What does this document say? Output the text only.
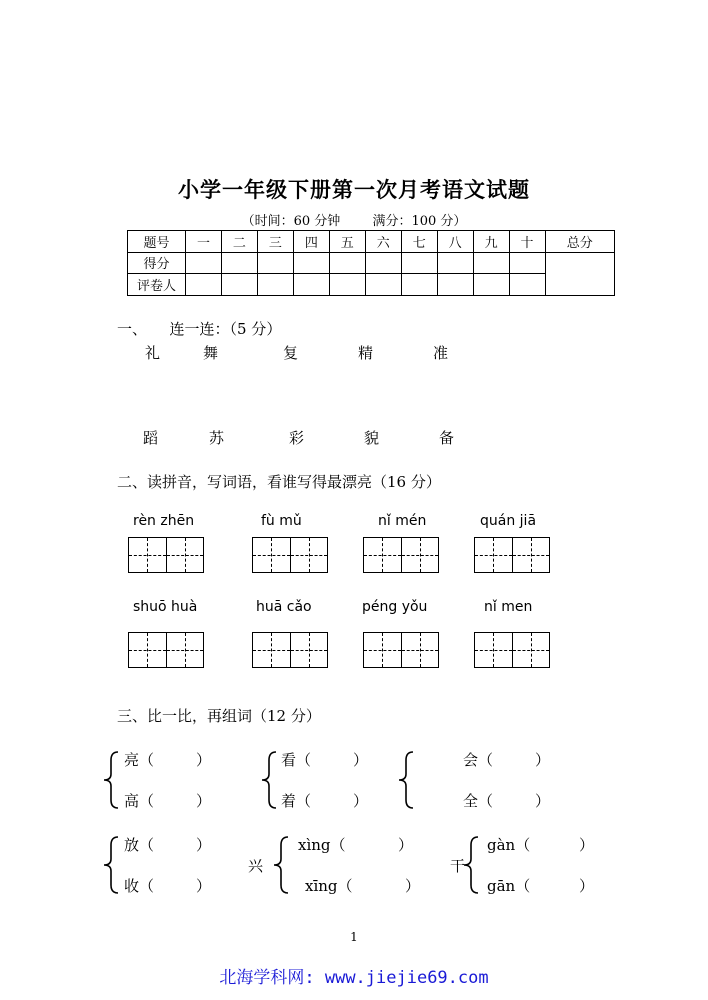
小学一年级下册第一次月考语文试题
（时间：60 分钟 满分：100 分）
题号	一	二	三	四	五	六	七	八	九	十	总分
得分											
评卷人											
一、　　连一连：（5 分）
礼	舞	复	精	准
蹈	苏	彩	貌	备
二、读拼音，写词语，看谁写得最漂亮（16 分）
rèn zhēn	fù mǔ	nǐ mén	quán jiā
shuō huà	huā cǎo	péng yǒu	nǐ men
三、比一比，再组词（12 分）
亮（	）
高（	）
看（	）
着（	）
会（	）
全（	）
放（	）
收（	）
兴
xìng（	）
xīng（	）
干
gàn（	）
gān（	）
1
北海学科网: www.jiejie69.com
